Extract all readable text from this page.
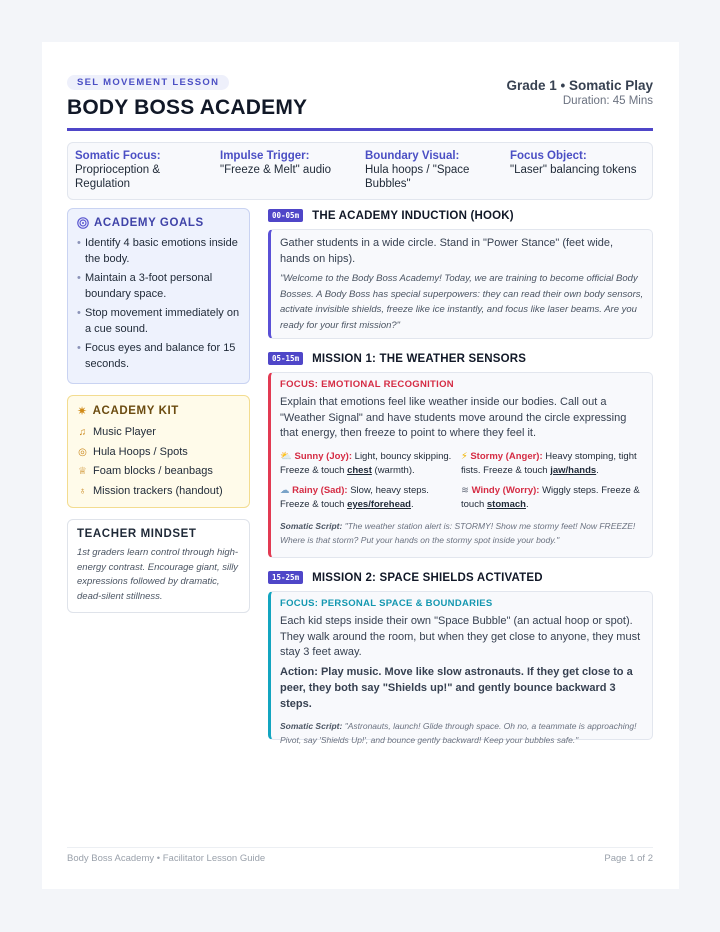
SEL MOVEMENT LESSON
BODY BOSS ACADEMY
Grade 1 • Somatic Play
Duration: 45 Mins
Somatic Focus:
Proprioception & Regulation
Impulse Trigger:
"Freeze & Melt" audio
Boundary Visual:
Hula hoops / "Space Bubbles"
Focus Object:
"Laser" balancing tokens
ACADEMY GOALS
• Identify 4 basic emotions inside the body.
• Maintain a 3-foot personal boundary space.
• Stop movement immediately on a cue sound.
• Focus eyes and balance for 15 seconds.
✷ ACADEMY KIT
♫ Music Player
◎ Hula Hoops / Spots
♕ Foam blocks / beanbags
♁ Mission trackers (handout)
TEACHER MINDSET
1st graders learn control through high-energy contrast. Encourage giant, silly expressions followed by dramatic, dead-silent stillness.
00-05m	THE ACADEMY INDUCTION (HOOK)
Gather students in a wide circle. Stand in "Power Stance" (feet wide, hands on hips).
"Welcome to the Body Boss Academy! Today, we are training to become official Body Bosses. A Body Boss has special superpowers: they can read their own body sensors, activate invisible shields, freeze like ice instantly, and focus like laser beams. Are you ready for your first mission?"
05-15m	MISSION 1: THE WEATHER SENSORS
FOCUS: EMOTIONAL RECOGNITION
Explain that emotions feel like weather inside our bodies. Call out a "Weather Signal" and have students move around the circle expressing that energy, then freeze to point to where they feel it.
⛅ Sunny (Joy): Light, bouncy skipping. Freeze & touch chest (warmth).
⚡ Stormy (Anger): Heavy stomping, tight fists. Freeze & touch jaw/hands.
☁ Rainy (Sad): Slow, heavy steps. Freeze & touch eyes/forehead.
≋ Windy (Worry): Wiggly steps. Freeze & touch stomach.
Somatic Script: "The weather station alert is: STORMY! Show me stormy feet! Now FREEZE! Where is that storm? Put your hands on the stormy spot inside your body."
15-25m	MISSION 2: SPACE SHIELDS ACTIVATED
FOCUS: PERSONAL SPACE & BOUNDARIES
Each kid steps inside their own "Space Bubble" (an actual hoop or spot). They walk around the room, but when they get close to anyone, they must stay 3 feet away.
Action: Play music. Move like slow astronauts. If they get close to a peer, they both say "Shields up!" and gently bounce backward 3 steps.
Somatic Script: "Astronauts, launch! Glide through space. Oh no, a teammate is approaching! Pivot, say 'Shields Up!', and bounce gently backward! Keep your bubbles safe."
Body Boss Academy • Facilitator Lesson Guide	Page 1 of 2
